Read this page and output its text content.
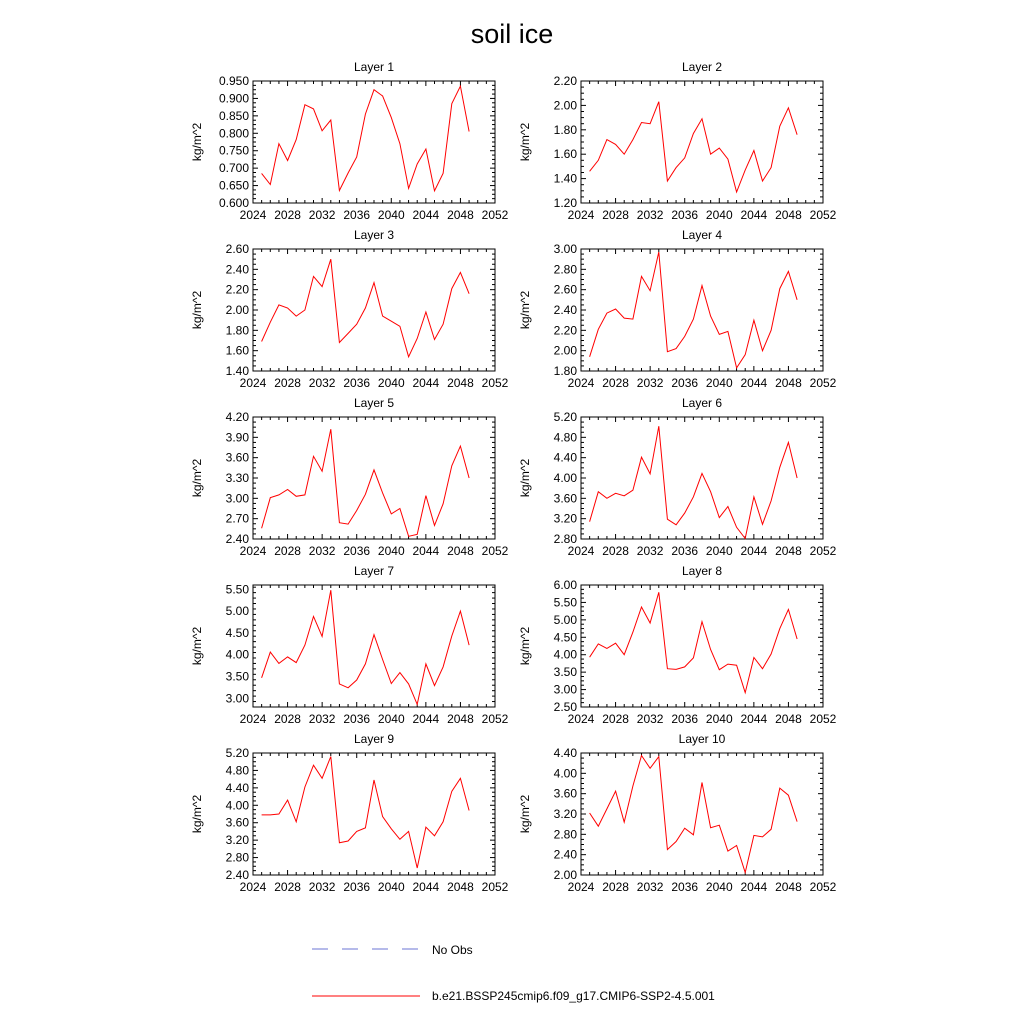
soil ice
Layer 1
kg/m^2
2024 2028 2032 2036 2040 2044 2048 2052
0.600
0.650
0.700
0.750
0.800
0.850
0.900
0.950
Layer 2
kg/m^2
2024 2028 2032 2036 2040 2044 2048 2052
1.20
1.40
1.60
1.80
2.00
2.20
Layer 3
kg/m^2
2024 2028 2032 2036 2040 2044 2048 2052
1.40
1.60
1.80
2.00
2.20
2.40
2.60
Layer 4
kg/m^2
2024 2028 2032 2036 2040 2044 2048 2052
1.80
2.00
2.20
2.40
2.60
2.80
3.00
Layer 5
kg/m^2
2024 2028 2032 2036 2040 2044 2048 2052
2.40
2.70
3.00
3.30
3.60
3.90
4.20
Layer 6
kg/m^2
2024 2028 2032 2036 2040 2044 2048 2052
2.80
3.20
3.60
4.00
4.40
4.80
5.20
Layer 7
kg/m^2
2024 2028 2032 2036 2040 2044 2048 2052
3.00
3.50
4.00
4.50
5.00
5.50
Layer 8
kg/m^2
2024 2028 2032 2036 2040 2044 2048 2052
2.50
3.00
3.50
4.00
4.50
5.00
5.50
6.00
Layer 9
kg/m^2
2024 2028 2032 2036 2040 2044 2048 2052
2.40
2.80
3.20
3.60
4.00
4.40
4.80
5.20
Layer 10
kg/m^2
2024 2028 2032 2036 2040 2044 2048 2052
2.00
2.40
2.80
3.20
3.60
4.00
4.40
No Obs
b.e21.BSSP245cmip6.f09_g17.CMIP6-SSP2-4.5.001
